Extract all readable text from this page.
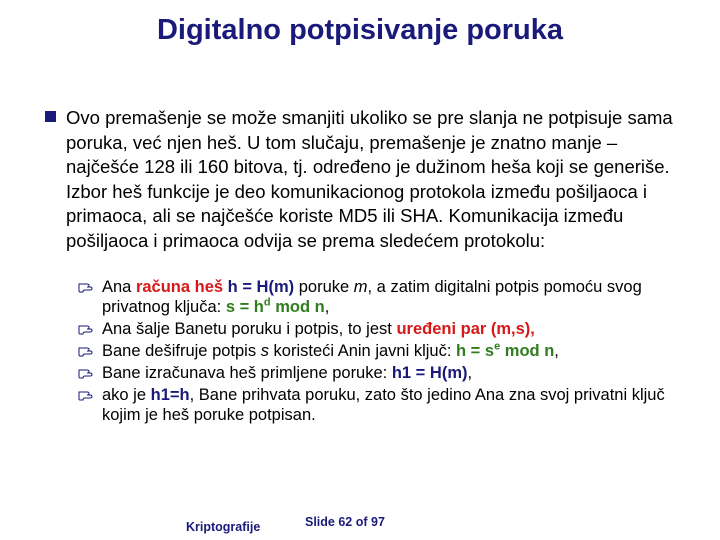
Digitalno potpisivanje poruka
Ovo premašenje se može smanjiti ukoliko se pre slanja ne potpisuje sama poruka, već njen heš. U tom slučaju, premašenje je znatno manje – najčešće 128 ili 160 bitova, tj. određeno je dužinom heša koji se generiše. Izbor heš funkcije je deo komunikacionog protokola između pošiljaoca i primaoca, ali se najčešće koriste MD5 ili SHA. Komunikacija između pošiljaoca i primaoca odvija se prema sledećem protokolu:
Ana računa heš h = H(m) poruke m, a zatim digitalni potpis pomoću svog privatnog ključa: $s = h^d$ mod n,
Ana šalje Banetu poruku i potpis, to jest uređeni par (m,s),
Bane dešifruje potpis s koristeći Anin javni ključ: $h = s^e$ mod n,
Bane izračunava heš primljene poruke: h1 = H(m),
ako je h1=h, Bane prihvata poruku, zato što jedino Ana zna svoj privatni ključ kojim je heš poruke potpisan.
Kriptografije	Slide 62 of 97
